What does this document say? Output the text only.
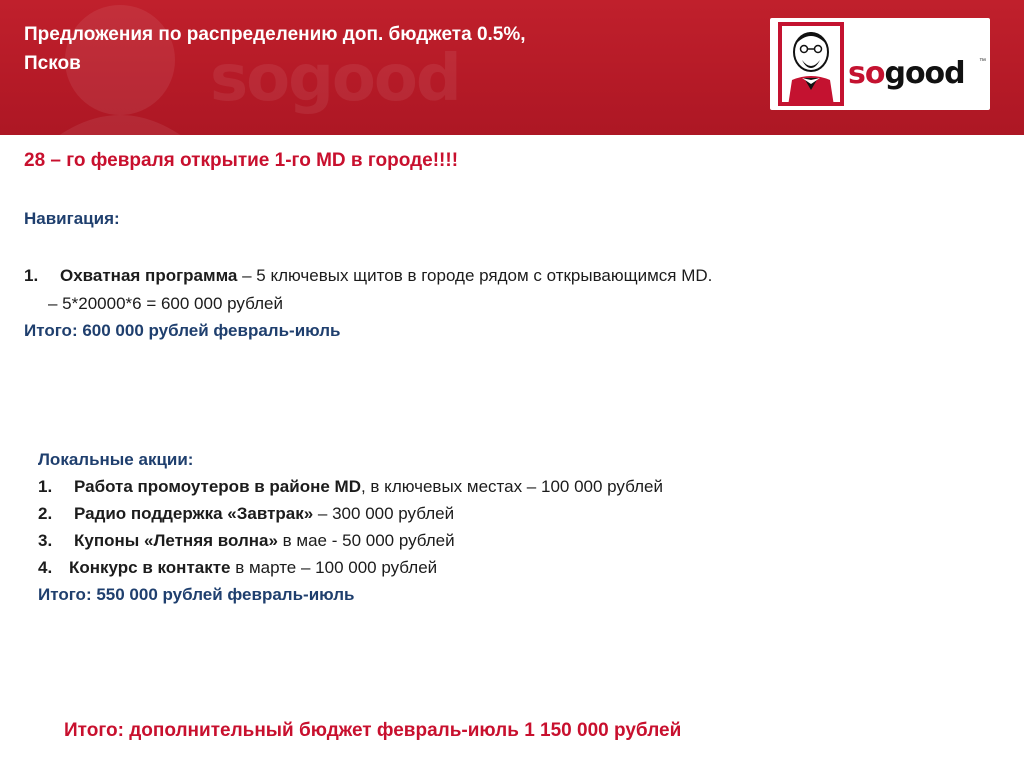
sogood
Предложения по распределению доп. бюджета 0.5%,
Псков	sogood ™
28 – го февраля открытие 1-го MD в городе!!!!
Навигация:
1. Охватная программа – 5 ключевых щитов в городе рядом с открывающимся MD.
– 5*20000*6 = 600 000 рублей
Итого: 600 000 рублей февраль-июль
Локальные акции:
1. Работа промоутеров в районе MD, в ключевых местах – 100 000 рублей
2. Радио поддержка «Завтрак» – 300 000 рублей
3. Купоны «Летняя волна» в мае - 50 000 рублей
4. Конкурс в контакте в марте – 100 000 рублей
Итого: 550 000 рублей февраль-июль
Итого: дополнительный бюджет февраль-июль 1 150 000 рублей
